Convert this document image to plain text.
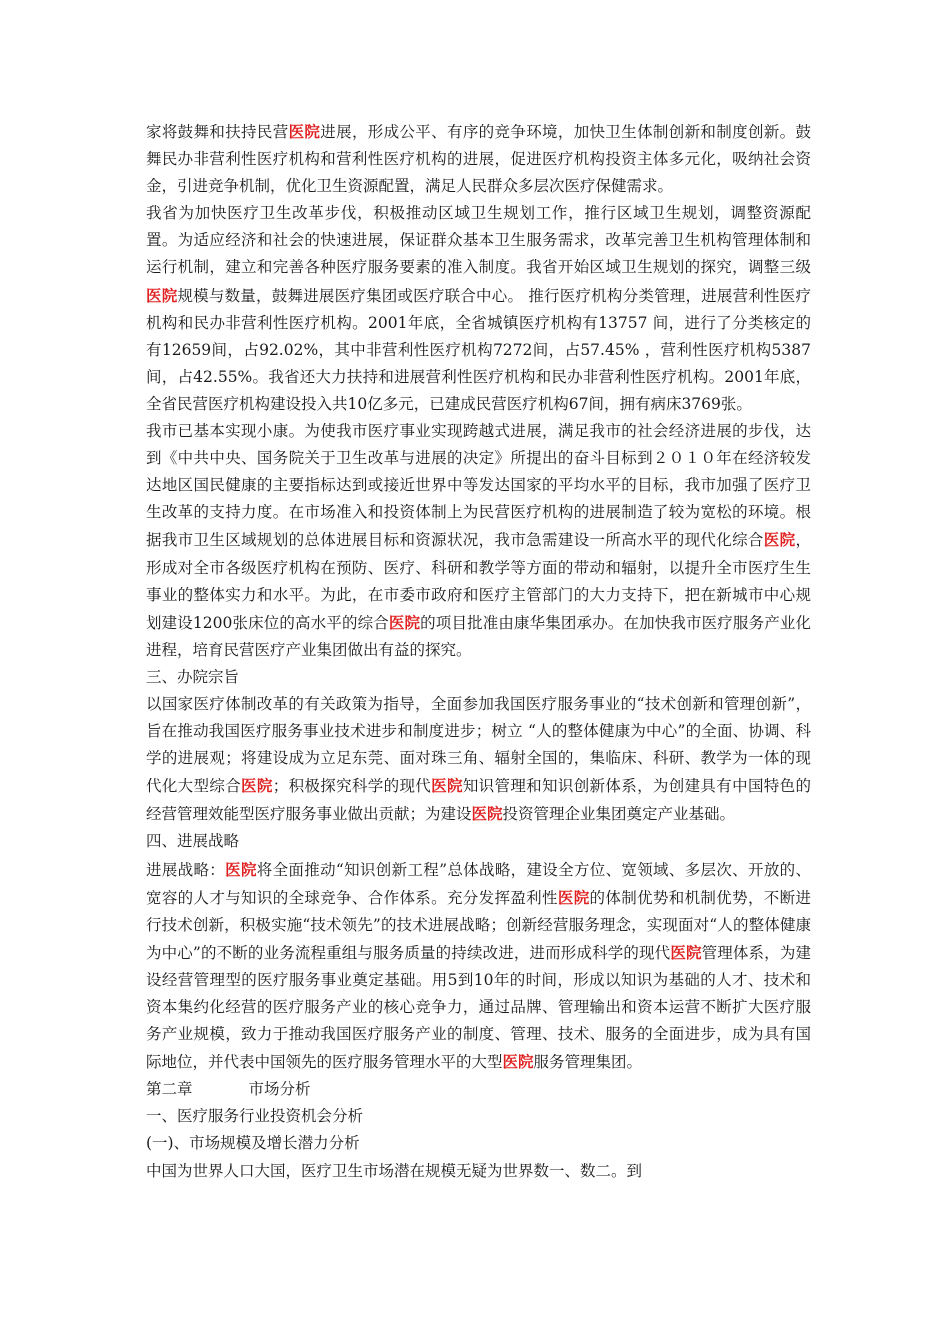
家将鼓舞和扶持民营医院进展，形成公平、有序的竞争环境，加快卫生体制创新和制度创新。鼓舞民办非营利性医疗机构和营利性医疗机构的进展，促进医疗机构投资主体多元化，吸纳社会资金，引进竞争机制，优化卫生资源配置，满足人民群众多层次医疗保健需求。

我省为加快医疗卫生改革步伐，积极推动区域卫生规划工作，推行区域卫生规划，调整资源配置。为适应经济和社会的快速进展，保证群众基本卫生服务需求，改革完善卫生机构管理体制和运行机制，建立和完善各种医疗服务要素的准入制度。我省开始区域卫生规划的探究，调整三级医院规模与数量，鼓舞进展医疗集团或医疗联合中心。 推行医疗机构分类管理，进展营利性医疗机构和民办非营利性医疗机构。2001年底，全省城镇医疗机构有13757 间，进行了分类核定的有12659间，占92.02%，其中非营利性医疗机构7272间，占57.45% ，营利性医疗机构5387间，占42.55%。我省还大力扶持和进展营利性医疗机构和民办非营利性医疗机构。2001年底，全省民营医疗机构建设投入共10亿多元，已建成民营医疗机构67间，拥有病床3769张。

我市已基本实现小康。为使我市医疗事业实现跨越式进展，满足我市的社会经济进展的步伐，达到《中共中央、国务院关于卫生改革与进展的决定》所提出的奋斗目标到２０１０年在经济较发达地区国民健康的主要指标达到或接近世界中等发达国家的平均水平的目标，我市加强了医疗卫生改革的支持力度。在市场准入和投资体制上为民营医疗机构的进展制造了较为宽松的环境。根据我市卫生区域规划的总体进展目标和资源状况，我市急需建设一所高水平的现代化综合医院，形成对全市各级医疗机构在预防、医疗、科研和教学等方面的带动和辐射，以提升全市医疗生生事业的整体实力和水平。为此，在市委市政府和医疗主管部门的大力支持下，把在新城市中心规划建设1200张床位的高水平的综合医院的项目批准由康华集团承办。在加快我市医疗服务产业化进程，培育民营医疗产业集团做出有益的探究。

三、办院宗旨

以国家医疗体制改革的有关政策为指导，全面参加我国医疗服务事业的“技术创新和管理创新”，旨在推动我国医疗服务事业技术进步和制度进步；树立 “人的整体健康为中心”的全面、协调、科学的进展观；将建设成为立足东莞、面对珠三角、辐射全国的，集临床、科研、教学为一体的现代化大型综合医院；积极探究科学的现代医院知识管理和知识创新体系，为创建具有中国特色的经营管理效能型医疗服务事业做出贡献；为建设医院投资管理企业集团奠定产业基础。

四、进展战略

进展战略：医院将全面推动“知识创新工程”总体战略，建设全方位、宽领域、多层次、开放的、宽容的人才与知识的全球竞争、合作体系。充分发挥盈利性医院的体制优势和机制优势，不断进行技术创新，积极实施“技术领先”的技术进展战略；创新经营服务理念，实现面对“人的整体健康为中心”的不断的业务流程重组与服务质量的持续改进，进而形成科学的现代医院管理体系，为建设经营管理型的医疗服务事业奠定基础。用5到10年的时间，形成以知识为基础的人才、技术和资本集约化经营的医疗服务产业的核心竞争力，通过品牌、管理输出和资本运营不断扩大医疗服务产业规模，致力于推动我国医疗服务产业的制度、管理、技术、服务的全面进步，成为具有国际地位，并代表中国领先的医疗服务管理水平的大型医院服务管理集团。

第二章	市场分析

一、医疗服务行业投资机会分析

(一)、市场规模及增长潜力分析

中国为世界人口大国，医疗卫生市场潜在规模无疑为世界数一、数二。到
